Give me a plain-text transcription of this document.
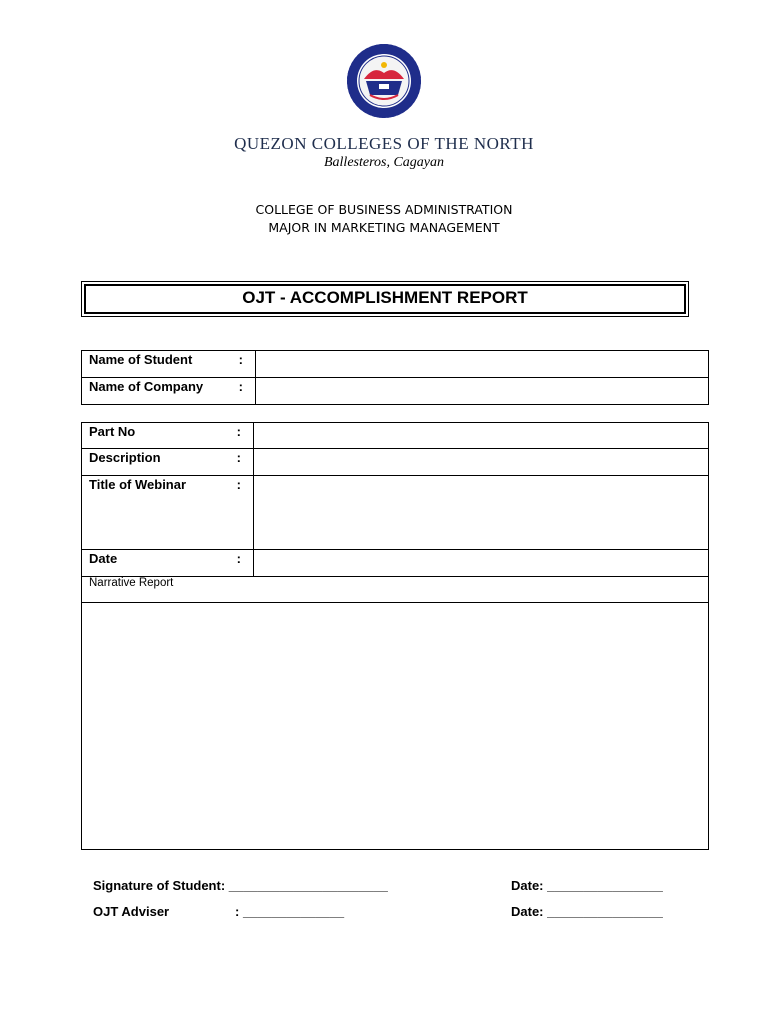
QUEZON COLLEGES OF THE NORTH
Ballesteros, Cagayan
COLLEGE OF BUSINESS ADMINISTRATION
MAJOR IN MARKETING MANAGEMENT
OJT - ACCOMPLISHMENT REPORT
Name of Student :	

Name of Company :	

Part No :	

Description :	

Title of Webinar :	

Date :	

Narrative Report	

Signature of Student: ______________________	Date: ________________
OJT Adviser	: ______________	Date: ________________
